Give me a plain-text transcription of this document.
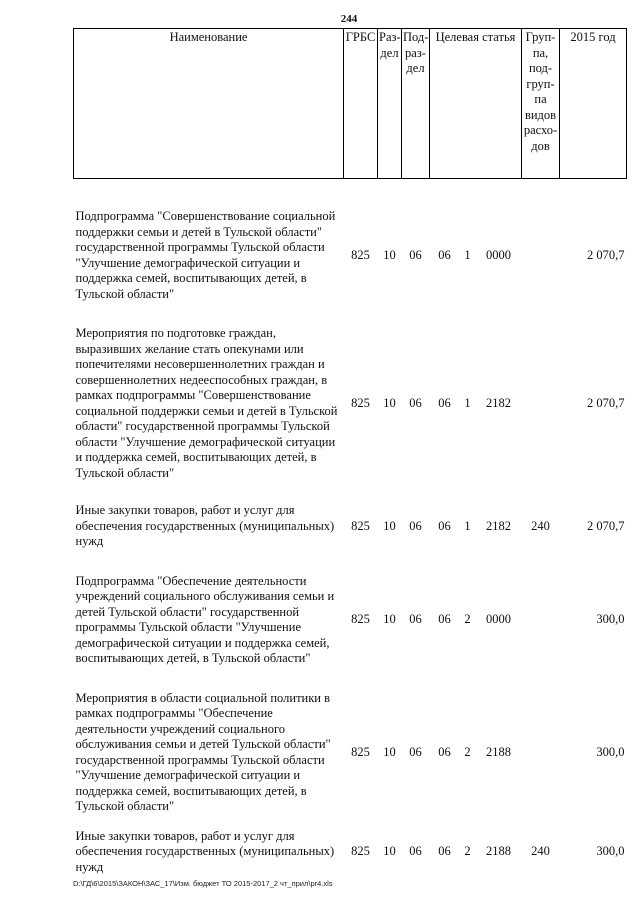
244
Наименование	ГРБС	Раз-дел	Под-раз-дел	Целевая статья			Груп-па, под-груп-па видов расхо-дов	2015 год

Подпрограмма "Совершенствование социальной поддержки семьи и детей в Тульской области" государственной программы Тульской области "Улучшение демографической ситуации и поддержка семей, воспитывающих детей, в Тульской области"	825	10	06	06	1	0000		2 070,7

Мероприятия по подготовке граждан, выразивших желание стать опекунами или попечителями несовершеннолетних граждан и совершеннолетних недееспособных граждан, в рамках подпрограммы "Совершенствование социальной поддержки семьи и детей в Тульской области" государственной программы Тульской области "Улучшение демографической ситуации и поддержка семей, воспитывающих детей, в Тульской области"	825	10	06	06	1	2182		2 070,7

Иные закупки товаров, работ и услуг для обеспечения государственных (муниципальных) нужд	825	10	06	06	1	2182	240	2 070,7

Подпрограмма "Обеспечение деятельности учреждений социального обслуживания семьи и детей Тульской области" государственной программы Тульской области "Улучшение демографической ситуации и поддержка семей, воспитывающих детей, в Тульской области"	825	10	06	06	2	0000		300,0

Мероприятия в области социальной политики в рамках подпрограммы "Обеспечение деятельности учреждений социального обслуживания семьи и детей Тульской области" государственной программы Тульской области "Улучшение демографической ситуации и поддержка семей, воспитывающих детей, в Тульской области"	825	10	06	06	2	2188		300,0

Иные закупки товаров, работ и услуг для обеспечения государственных (муниципальных) нужд	825	10	06	06	2	2188	240	300,0
D:\ГД\6\2015\ЗАКОН\ЗАС_17\Изм. бюджет ТО 2015-2017_2 чт_прил\pr4.xls
